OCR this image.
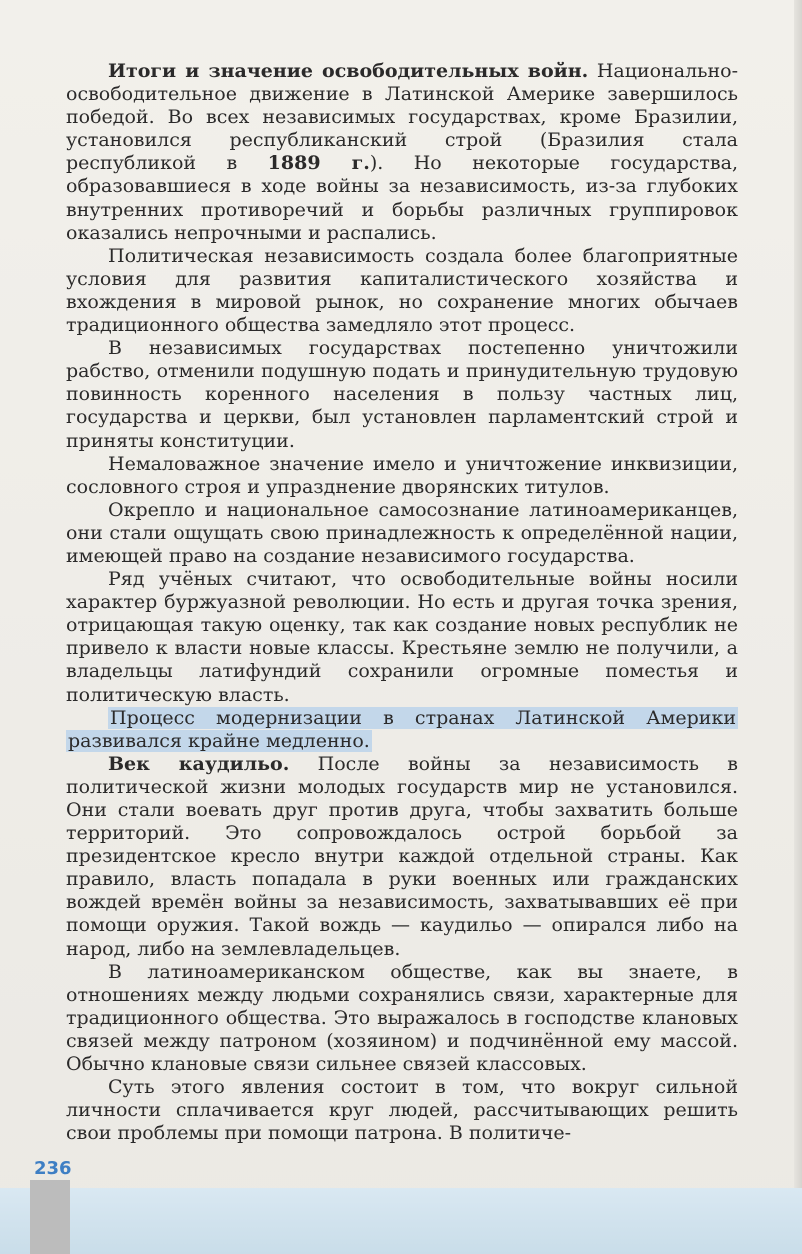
Итоги и значение освободительных войн. Национально-освободительное движение в Латинской Америке завершилось победой. Во всех независимых государствах, кроме Бразилии, установился республиканский строй (Бразилия стала республикой в 1889 г.). Но некоторые государства, образовавшиеся в ходе войны за независимость, из-за глубоких внутренних противоречий и борьбы различных группировок оказались непрочными и распались.

Политическая независимость создала более благоприятные условия для развития капиталистического хозяйства и вхождения в мировой рынок, но сохранение многих обычаев традиционного общества замедляло этот процесс.

В независимых государствах постепенно уничтожили рабство, отменили подушную подать и принудительную трудовую повинность коренного населения в пользу частных лиц, государства и церкви, был установлен парламентский строй и приняты конституции.

Немаловажное значение имело и уничтожение инквизиции, сословного строя и упразднение дворянских титулов.

Окрепло и национальное самосознание латиноамериканцев, они стали ощущать свою принадлежность к определённой нации, имеющей право на создание независимого государства.

Ряд учёных считают, что освободительные войны носили характер буржуазной революции. Но есть и другая точка зрения, отрицающая такую оценку, так как создание новых республик не привело к власти новые классы. Крестьяне землю не получили, а владельцы латифундий сохранили огромные поместья и политическую власть.

Процесс модернизации в странах Латинской Америки развивался крайне медленно.

Век каудильо. После войны за независимость в политической жизни молодых государств мир не установился. Они стали воевать друг против друга, чтобы захватить больше территорий. Это сопровождалось острой борьбой за президентское кресло внутри каждой отдельной страны. Как правило, власть попадала в руки военных или гражданских вождей времён войны за независимость, захватывавших её при помощи оружия. Такой вождь — каудильо — опирался либо на народ, либо на землевладельцев.

В латиноамериканском обществе, как вы знаете, в отношениях между людьми сохранялись связи, характерные для традиционного общества. Это выражалось в господстве клановых связей между патроном (хозяином) и подчинённой ему массой. Обычно клановые связи сильнее связей классовых.

Суть этого явления состоит в том, что вокруг сильной личности сплачивается круг людей, рассчитывающих решить свои проблемы при помощи патрона. В политиче-

236
